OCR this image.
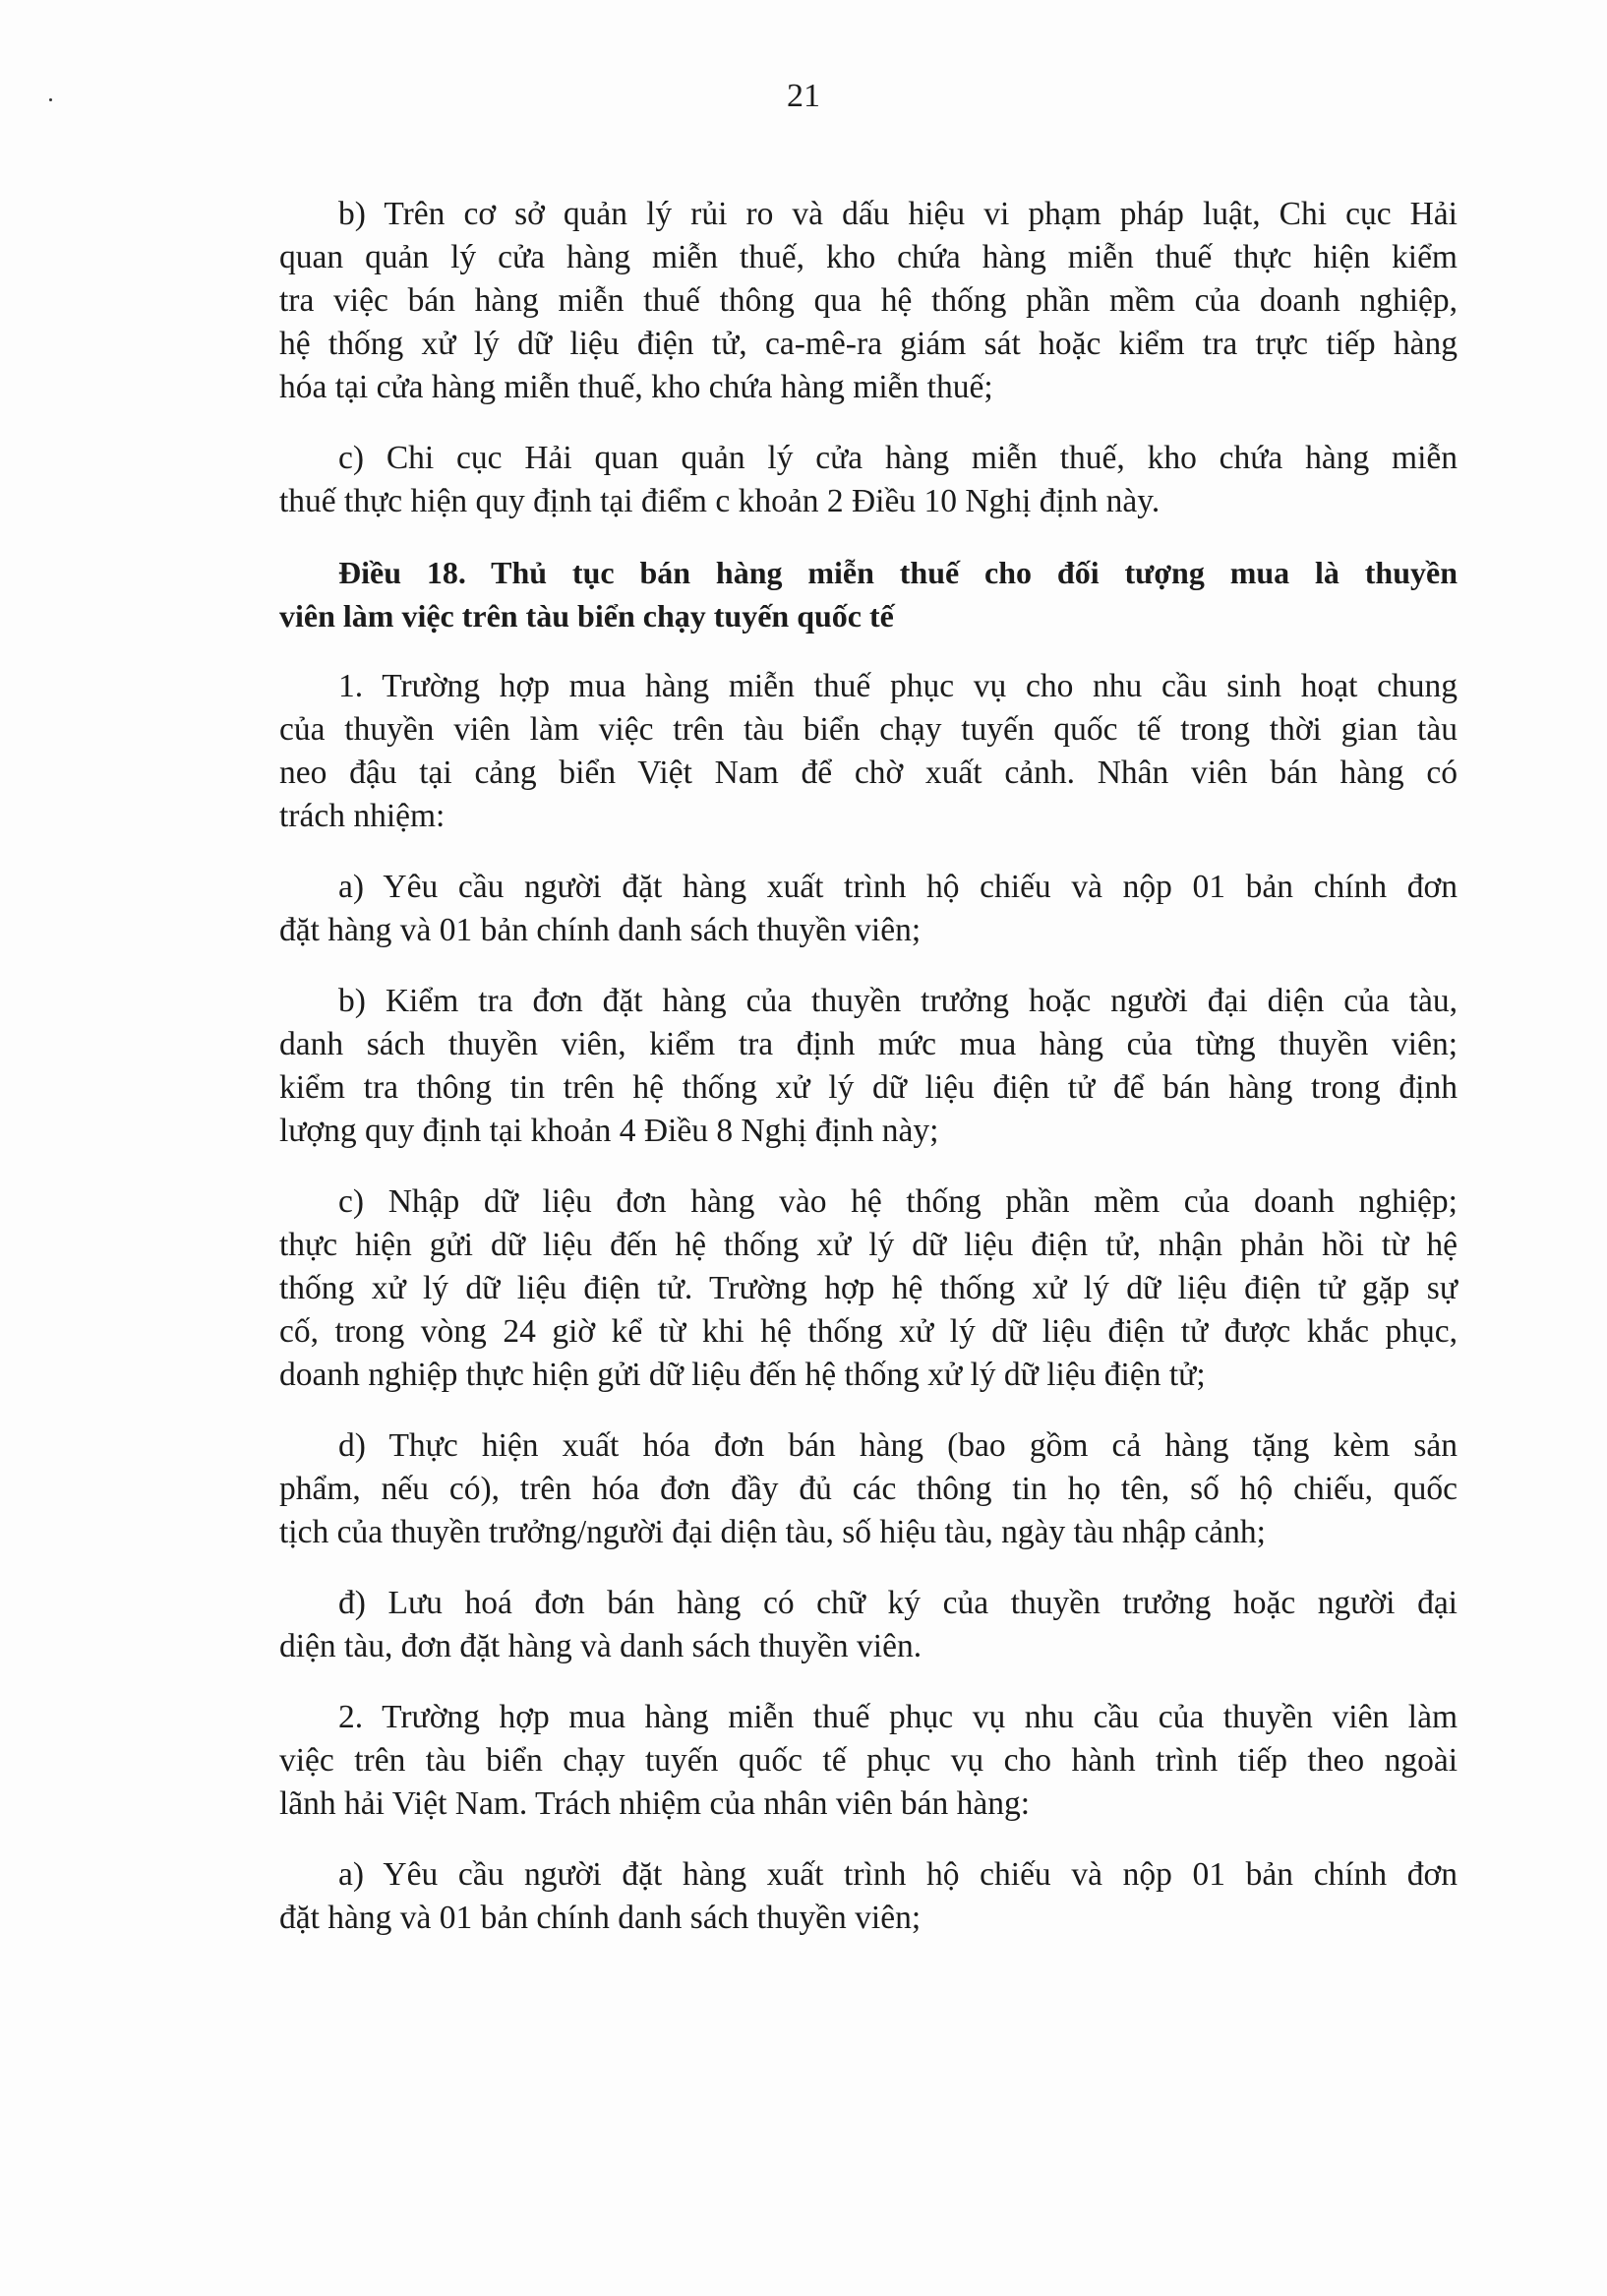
21
b) Trên cơ sở quản lý rủi ro và dấu hiệu vi phạm pháp luật, Chi cục Hải
quan quản lý cửa hàng miễn thuế, kho chứa hàng miễn thuế thực hiện kiểm
tra việc bán hàng miễn thuế thông qua hệ thống phần mềm của doanh nghiệp,
hệ thống xử lý dữ liệu điện tử, ca-mê-ra giám sát hoặc kiểm tra trực tiếp hàng
hóa tại cửa hàng miễn thuế, kho chứa hàng miễn thuế;
c) Chi cục Hải quan quản lý cửa hàng miễn thuế, kho chứa hàng miễn
thuế thực hiện quy định tại điểm c khoản 2 Điều 10 Nghị định này.
Điều 18. Thủ tục bán hàng miễn thuế cho đối tượng mua là thuyền
viên làm việc trên tàu biển chạy tuyến quốc tế
1. Trường hợp mua hàng miễn thuế phục vụ cho nhu cầu sinh hoạt chung
của thuyền viên làm việc trên tàu biển chạy tuyến quốc tế trong thời gian tàu
neo đậu tại cảng biển Việt Nam để chờ xuất cảnh. Nhân viên bán hàng có
trách nhiệm:
a) Yêu cầu người đặt hàng xuất trình hộ chiếu và nộp 01 bản chính đơn
đặt hàng và 01 bản chính danh sách thuyền viên;
b) Kiểm tra đơn đặt hàng của thuyền trưởng hoặc người đại diện của tàu,
danh sách thuyền viên, kiểm tra định mức mua hàng của từng thuyền viên;
kiểm tra thông tin trên hệ thống xử lý dữ liệu điện tử để bán hàng trong định
lượng quy định tại khoản 4 Điều 8 Nghị định này;
c) Nhập dữ liệu đơn hàng vào hệ thống phần mềm của doanh nghiệp;
thực hiện gửi dữ liệu đến hệ thống xử lý dữ liệu điện tử, nhận phản hồi từ hệ
thống xử lý dữ liệu điện tử. Trường hợp hệ thống xử lý dữ liệu điện tử gặp sự
cố, trong vòng 24 giờ kể từ khi hệ thống xử lý dữ liệu điện tử được khắc phục,
doanh nghiệp thực hiện gửi dữ liệu đến hệ thống xử lý dữ liệu điện tử;
d) Thực hiện xuất hóa đơn bán hàng (bao gồm cả hàng tặng kèm sản
phẩm, nếu có), trên hóa đơn đầy đủ các thông tin họ tên, số hộ chiếu, quốc
tịch của thuyền trưởng/người đại diện tàu, số hiệu tàu, ngày tàu nhập cảnh;
đ) Lưu hoá đơn bán hàng có chữ ký của thuyền trưởng hoặc người đại
diện tàu, đơn đặt hàng và danh sách thuyền viên.
2. Trường hợp mua hàng miễn thuế phục vụ nhu cầu của thuyền viên làm
việc trên tàu biển chạy tuyến quốc tế phục vụ cho hành trình tiếp theo ngoài
lãnh hải Việt Nam. Trách nhiệm của nhân viên bán hàng:
a) Yêu cầu người đặt hàng xuất trình hộ chiếu và nộp 01 bản chính đơn
đặt hàng và 01 bản chính danh sách thuyền viên;
